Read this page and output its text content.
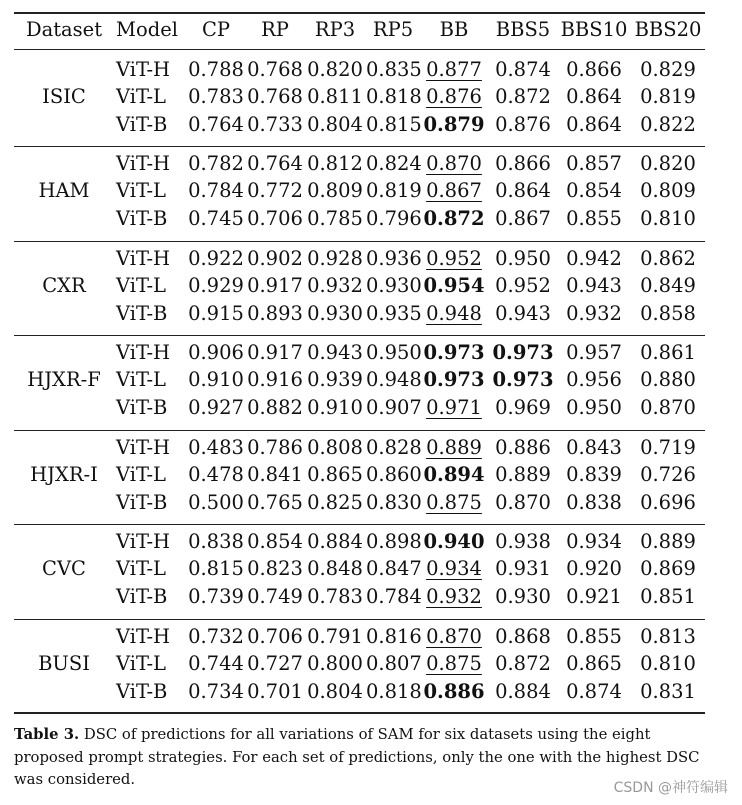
Dataset Model	CP	RP	RP3 RP5	BB	BBS5 BBS10 BBS20
ISIC
ViT-H 0.788 0.768 0.820 0.835 0.877 0.874 0.866 0.829
ViT-L 0.783 0.768 0.811 0.818 0.876 0.872 0.864 0.819
ViT-B 0.764 0.733 0.804 0.815 0.879 0.876 0.864 0.822
HAM
ViT-H 0.782 0.764 0.812 0.824 0.870 0.866 0.857 0.820
ViT-L 0.784 0.772 0.809 0.819 0.867 0.864 0.854 0.809
ViT-B 0.745 0.706 0.785 0.796 0.872 0.867 0.855 0.810
CXR
ViT-H 0.922 0.902 0.928 0.936 0.952 0.950 0.942 0.862
ViT-L 0.929 0.917 0.932 0.930 0.954 0.952 0.943 0.849
ViT-B 0.915 0.893 0.930 0.935 0.948 0.943 0.932 0.858
HJXR-F
ViT-H 0.906 0.917 0.943 0.950 0.973 0.973 0.957 0.861
ViT-L 0.910 0.916 0.939 0.948 0.973 0.973 0.956 0.880
ViT-B 0.927 0.882 0.910 0.907 0.971 0.969 0.950 0.870
HJXR-I
ViT-H 0.483 0.786 0.808 0.828 0.889 0.886 0.843 0.719
ViT-L 0.478 0.841 0.865 0.860 0.894 0.889 0.839 0.726
ViT-B 0.500 0.765 0.825 0.830 0.875 0.870 0.838 0.696
CVC
ViT-H 0.838 0.854 0.884 0.898 0.940 0.938 0.934 0.889
ViT-L 0.815 0.823 0.848 0.847 0.934 0.931 0.920 0.869
ViT-B 0.739 0.749 0.783 0.784 0.932 0.930 0.921 0.851
BUSI
ViT-H 0.732 0.706 0.791 0.816 0.870 0.868 0.855 0.813
ViT-L 0.744 0.727 0.800 0.807 0.875 0.872 0.865 0.810
ViT-B 0.734 0.701 0.804 0.818 0.886 0.884 0.874 0.831
Table 3. DSC of predictions for all variations of SAM for six datasets using the eight proposed prompt strategies. For each set of predictions, only the one with the highest DSC was considered.	CSDN @神符编辑
